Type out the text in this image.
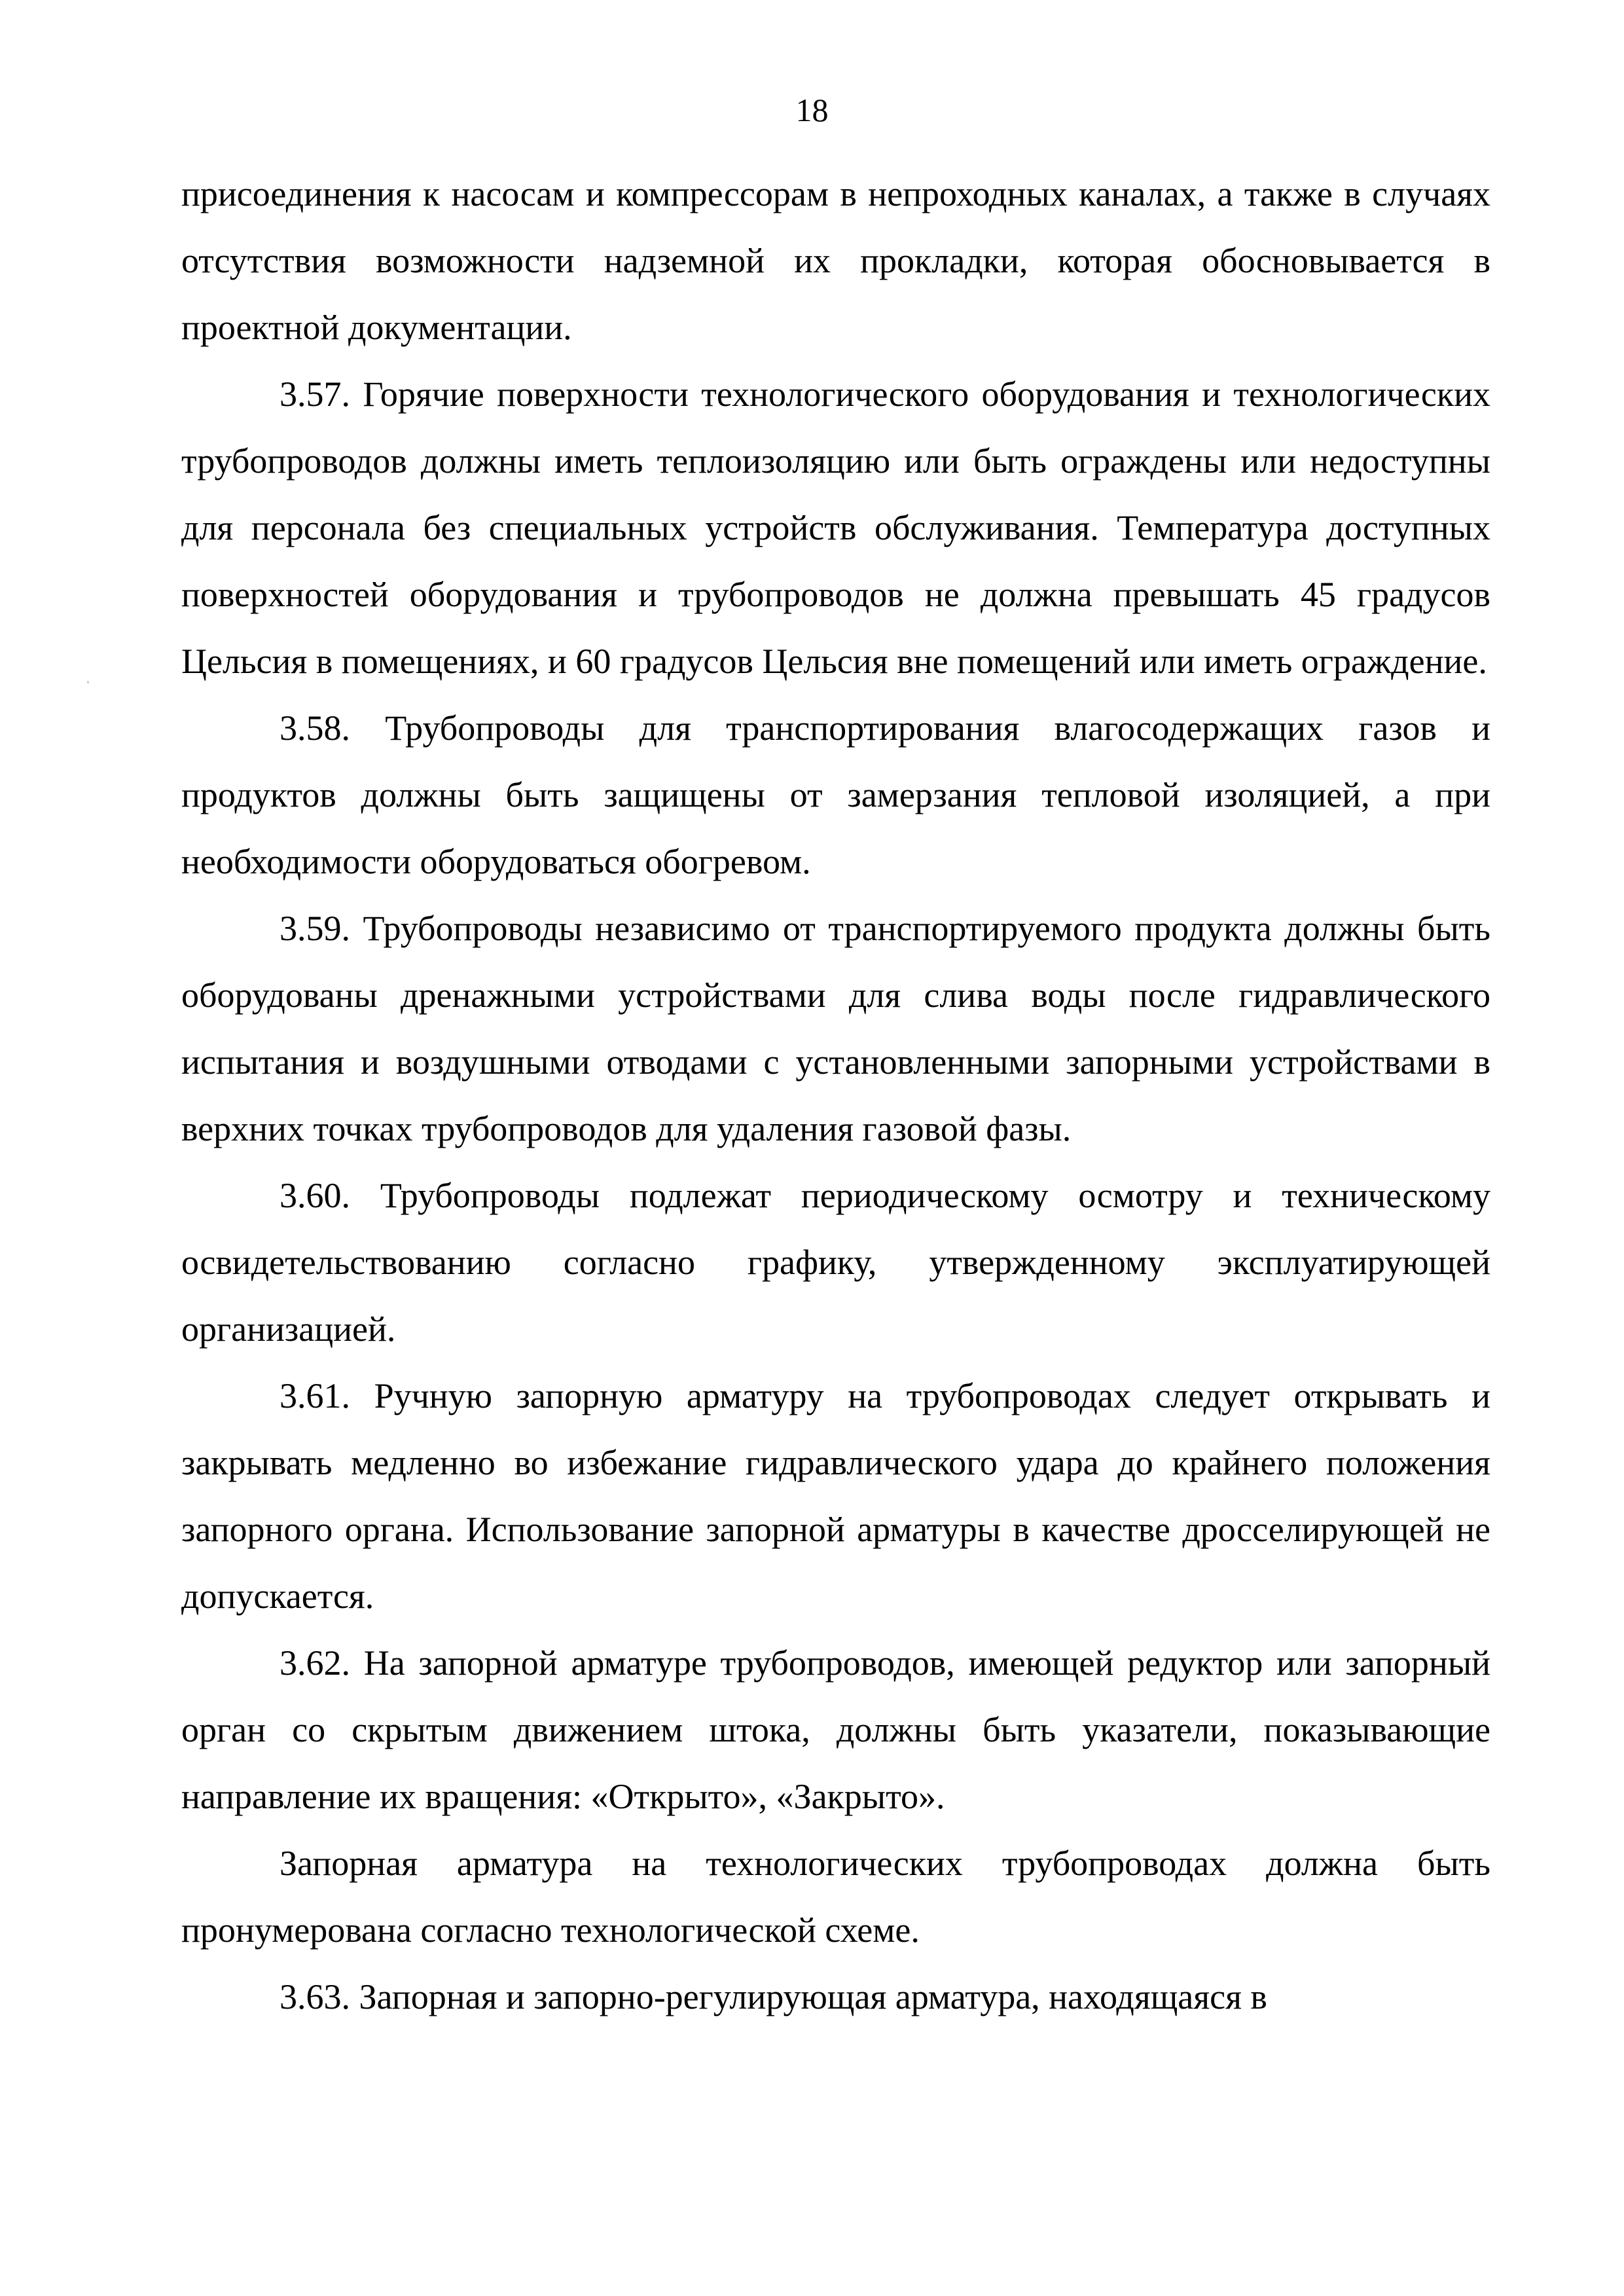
18
'

присоединения к насосам и компрессорам в непроходных каналах, а также в случаях отсутствия возможности надземной их прокладки, которая обосновывается в проектной документации.

3.57. Горячие поверхности технологического оборудования и технологических трубопроводов должны иметь теплоизоляцию или быть ограждены или недоступны для персонала без специальных устройств обслуживания. Температура доступных поверхностей оборудования и трубопроводов не должна превышать 45 градусов Цельсия в помещениях, и 60 градусов Цельсия вне помещений или иметь ограждение.

3.58. Трубопроводы для транспортирования влагосодержащих газов и продуктов должны быть защищены от замерзания тепловой изоляцией, а при необходимости оборудоваться обогревом.

3.59. Трубопроводы независимо от транспортируемого продукта должны быть оборудованы дренажными устройствами для слива воды после гидравлического испытания и воздушными отводами с установленными запорными устройствами в верхних точках трубопроводов для удаления газовой фазы.

3.60. Трубопроводы подлежат периодическому осмотру и техническому освидетельствованию согласно графику, утвержденному эксплуатирующей организацией.

3.61. Ручную запорную арматуру на трубопроводах следует открывать и закрывать медленно во избежание гидравлического удара до крайнего положения запорного органа. Использование запорной арматуры в качестве дросселирующей не допускается.

3.62. На запорной арматуре трубопроводов, имеющей редуктор или запорный орган со скрытым движением штока, должны быть указатели, показывающие направление их вращения: «Открыто», «Закрыто».

Запорная арматура на технологических трубопроводах должна быть пронумерована согласно технологической схеме.

3.63. Запорная и запорно-регулирующая арматура, находящаяся в
